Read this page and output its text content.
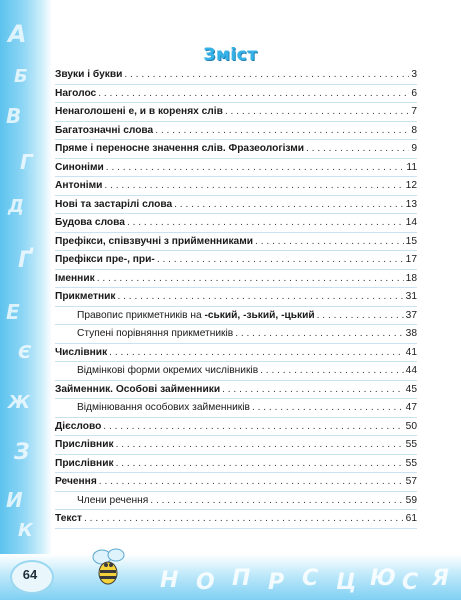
А
Б
В
Г
Д
Ґ
Е
Є
Ж
З
И
К
Н О П Р С Ц Ю С Я
Зміст
Звуки і букви . . .	3
Наголос . . .	6
Ненаголошені е, и в коренях слів . . .	7
Багатозначні слова . . .	8
Пряме і переносне значення слів. Фразеологізми . . .	9
Синоніми . . .	11
Антоніми . . .	12
Нові та застарілі слова . . .	13
Будова слова . . .	14
Префікси, співзвучні з прийменниками . . .	15
Префікси пре-, при- . . .	17
Іменник . . .	18
Прикметник . . .	31
Правопис прикметників на -ський, -зький, -цький . . .	37
Ступені порівняння прикметників . . .	38
Числівник . . .	41
Відмінкові форми окремих числівників . . .	44
Займенник. Особові займенники . . .	45
Відмінювання особових займенників . . .	47
Дієслово . . .	50
Прислівник . . .	55
Прислівник . . .	55
Речення . . .	57
Члени речення . . .	59
Текст . . .	61
64
